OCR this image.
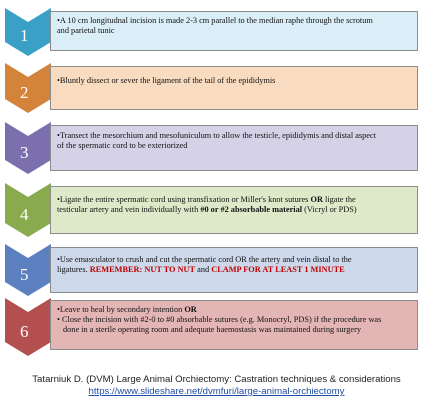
1

•A 10 cm longitudnal incision is made 2-3 cm parallel to the median raphe through the scrotum

and parietal tunic

2

•Bluntly dissect or sever the ligament of the tail of the epididymis

3

•Transect the mesorchium and mesofuniculum to allow the testicle, epididymis and distal aspect

of the spermatic cord to be exteriorized

4

•Ligate the entire spermatic cord using transfixation or Miller's knot sutures OR ligate the

testicular artery and vein individually with #0 or #2 absorbable material (Vicryl or PDS)

5

•Use emasculator to crush and cut the spermatic cord OR the artery and vein distal to the

ligatures. REMEMBER: NUT TO NUT and CLAMP FOR AT LEAST 1 MINUTE

6

•Leave to heal by secondary intention OR

• Close the incision with #2-0 to #0 absorbable sutures (e.g. Monocryl, PDS) if the procedure was

done in a sterile operating room and adequate haemostasis was maintained during surgery

Tatarniuk D. (DVM) Large Animal Orchiectomy: Castration techniques & considerations
https://www.slideshare.net/dvmfuri/large-animal-orchiectomy
